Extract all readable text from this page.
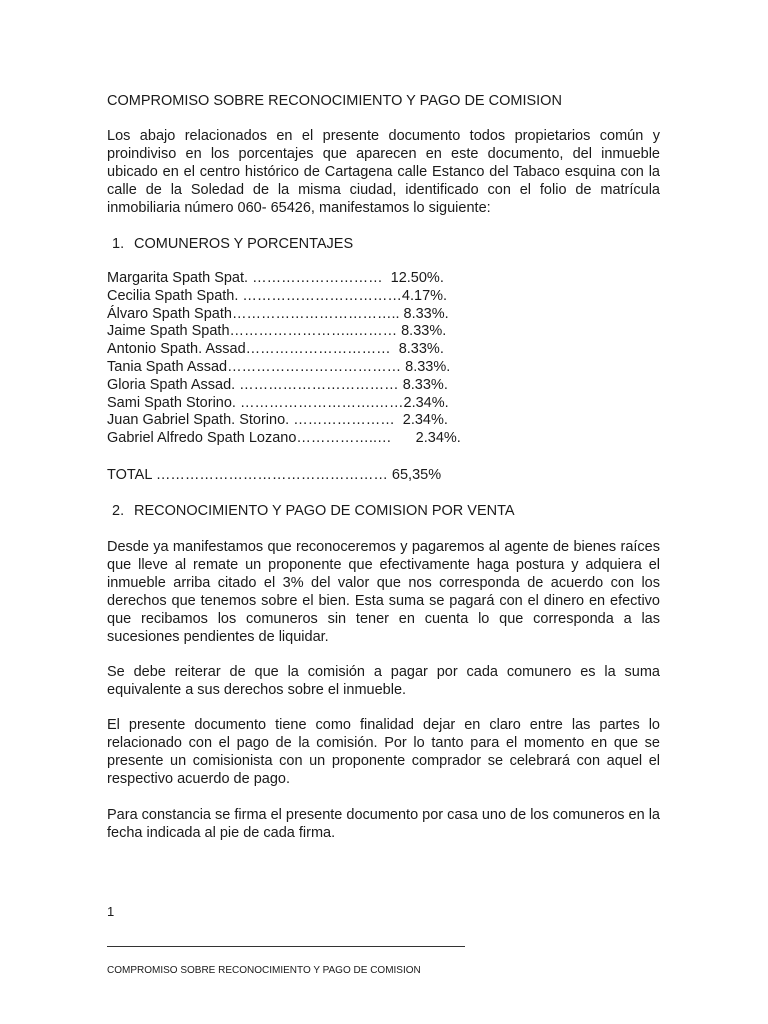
COMPROMISO SOBRE RECONOCIMIENTO Y PAGO DE COMISION
Los abajo relacionados en el presente documento todos propietarios común y proindiviso en los porcentajes que aparecen en este documento, del inmueble ubicado en el centro histórico de Cartagena calle Estanco del Tabaco esquina con la calle de la Soledad de la misma ciudad, identificado con el folio de matrícula inmobiliaria número 060- 65426, manifestamos lo siguiente:
1. COMUNEROS Y PORCENTAJES
Margarita Spath Spat. ………………………  12.50%.
Cecilia Spath Spath. ……………………………4.17%.
Álvaro Spath Spath…………………………….. 8.33%.
Jaime Spath Spath……………………..……… 8.33%.
Antonio Spath. Assad…………………………  8.33%.
Tania Spath Assad……………………………… 8.33%.
Gloria Spath Assad. …………………………… 8.33%.
Sami Spath Storino. ……………………….……2.34%.
Juan Gabriel Spath. Storino. …………………  2.34%.
Gabriel Alfredo Spath Lozano……………..…      2.34%.
TOTAL ………………………………………… 65,35%
2. RECONOCIMIENTO Y PAGO DE COMISION POR VENTA
Desde ya manifestamos que reconoceremos y pagaremos al agente de bienes raíces que lleve al remate un proponente que efectivamente haga postura y adquiera el inmueble arriba citado el 3% del valor que nos corresponda de acuerdo con los derechos que tenemos sobre el bien. Esta suma se pagará con el dinero en efectivo que recibamos los comuneros sin tener en cuenta lo que corresponda a las sucesiones pendientes de liquidar.
Se debe reiterar de que la comisión a pagar por cada comunero es la suma equivalente a sus derechos sobre el inmueble.
El presente documento tiene como finalidad dejar en claro entre las partes lo relacionado con el pago de la comisión. Por lo tanto para el momento en que se presente un comisionista con un proponente comprador se celebrará con aquel el respectivo acuerdo de pago.
Para constancia se firma el presente documento por casa uno de los comuneros en la fecha indicada al pie de cada firma.
1
COMPROMISO SOBRE RECONOCIMIENTO Y PAGO DE COMISION
